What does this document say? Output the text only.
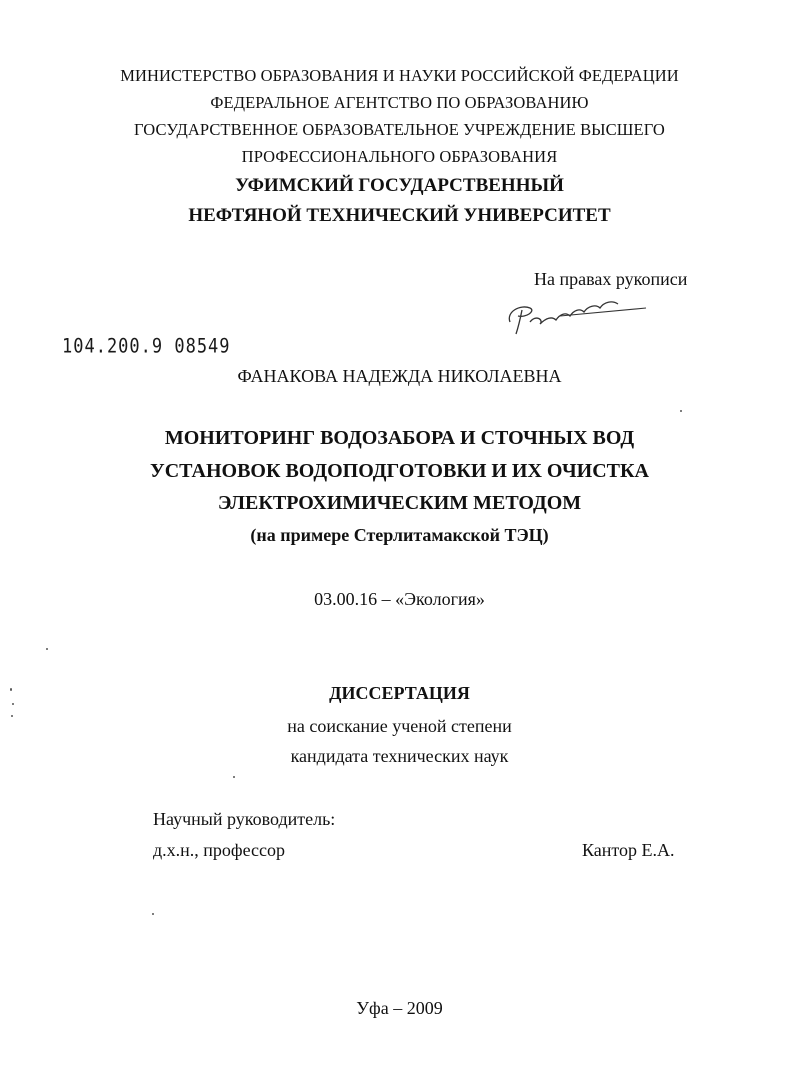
МИНИСТЕРСТВО ОБРАЗОВАНИЯ И НАУКИ РОССИЙСКОЙ ФЕДЕРАЦИИ
ФЕДЕРАЛЬНОЕ АГЕНТСТВО ПО ОБРАЗОВАНИЮ
ГОСУДАРСТВЕННОЕ ОБРАЗОВАТЕЛЬНОЕ УЧРЕЖДЕНИЕ ВЫСШЕГО
ПРОФЕССИОНАЛЬНОГО ОБРАЗОВАНИЯ
УФИМСКИЙ ГОСУДАРСТВЕННЫЙ
НЕФТЯНОЙ ТЕХНИЧЕСКИЙ УНИВЕРСИТЕТ
На правах рукописи
104.200.9 08549
ФАНАКОВА НАДЕЖДА НИКОЛАЕВНА
МОНИТОРИНГ ВОДОЗАБОРА И СТОЧНЫХ ВОД
УСТАНОВОК ВОДОПОДГОТОВКИ И ИХ ОЧИСТКА
ЭЛЕКТРОХИМИЧЕСКИМ МЕТОДОМ
(на примере Стерлитамакской ТЭЦ)
03.00.16 – «Экология»
ДИССЕРТАЦИЯ
на соискание ученой степени
кандидата технических наук
Научный руководитель:
д.х.н., профессор	Кантор Е.А.
Уфа – 2009
